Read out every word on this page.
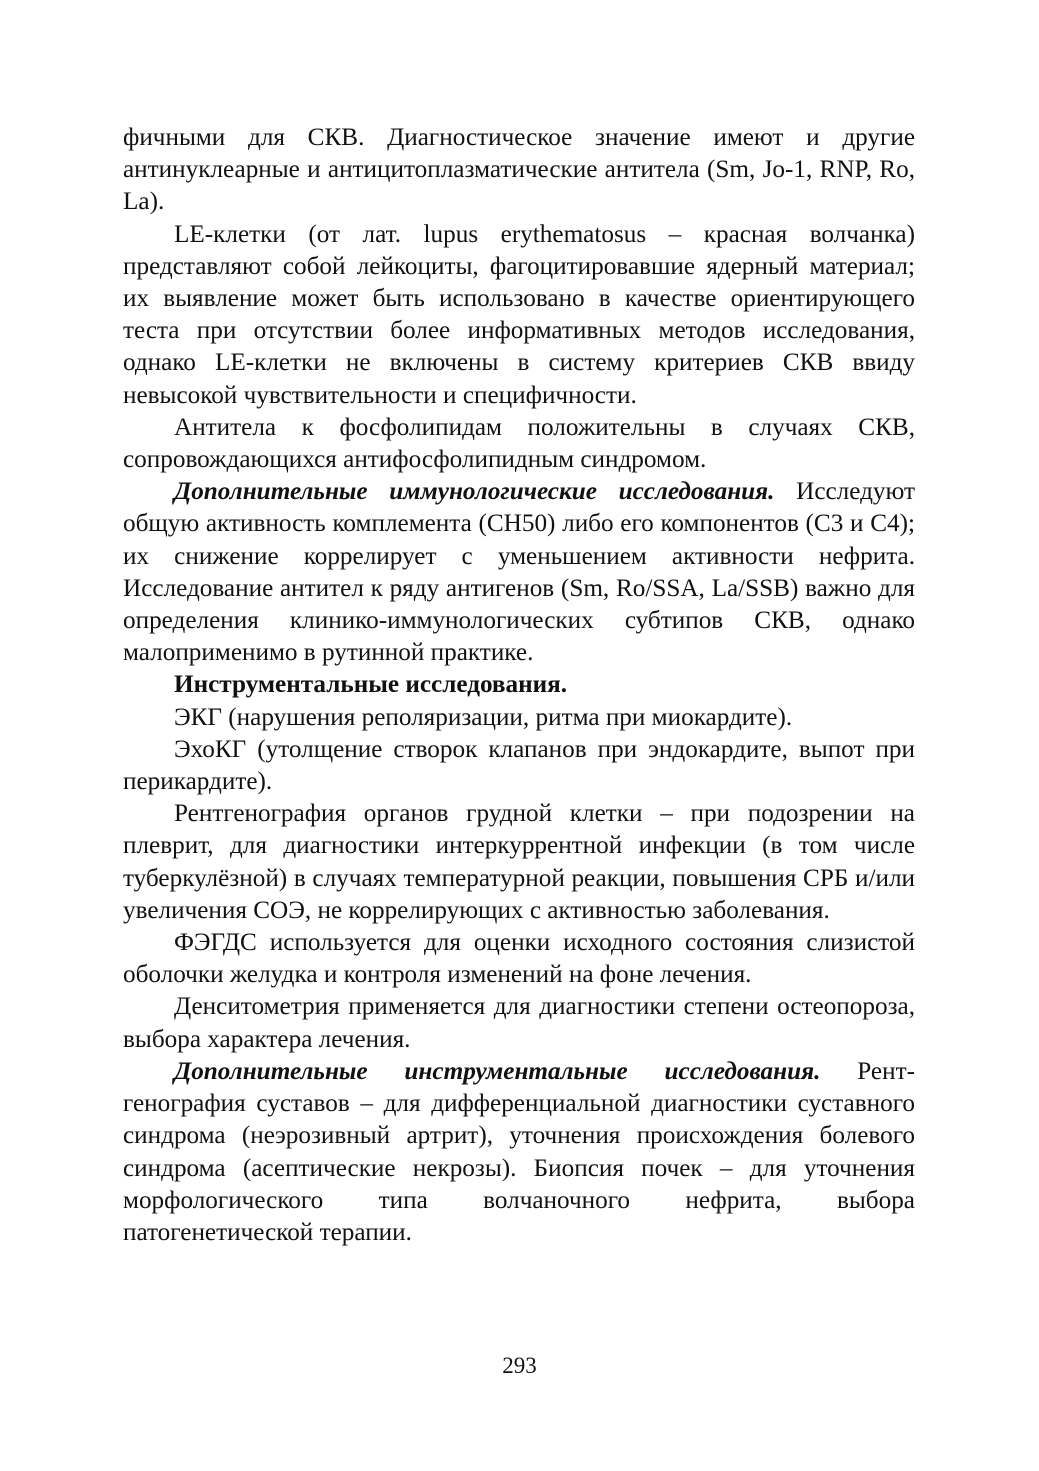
фичными для СКВ. Диагностическое значение имеют и другие антинуклеарные и антицитоплазматические антитела (Sm, Jo-1, RNP, Ro, La).

LE-клетки (от лат. lupus erythematosus – красная волчанка) представляют собой лейкоциты, фагоцитировавшие ядерный материал; их выявление может быть использовано в качестве ориентирующего теста при отсутствии более информативных методов исследования, однако LE-клетки не включены в систему критериев СКВ ввиду невысокой чувствительности и специфичности.

Антитела к фосфолипидам положительны в случаях СКВ, сопровождающихся антифосфолипидным синдромом.

Дополнительные иммунологические исследования. Исследуют общую активность комплемента (СН50) либо его компонентов (С3 и С4); их снижение коррелирует с уменьшением активности нефрита. Исследование антител к ряду антигенов (Sm, Ro/SSA, La/SSB) важно для определения клинико-иммунологических субтипов СКВ, однако малоприменимо в рутинной практике.

Инструментальные исследования.

ЭКГ (нарушения реполяризации, ритма при миокардите).

ЭхоКГ (утолщение створок клапанов при эндокардите, выпот при перикардите).

Рентгенография органов грудной клетки – при подозрении на плеврит, для диагностики интеркуррентной инфекции (в том числе туберкулёзной) в случаях температурной реакции, повышения СРБ и/или увеличения СОЭ, не коррелирующих с активностью заболевания.

ФЭГДС используется для оценки исходного состояния слизистой оболочки желудка и контроля изменений на фоне лечения.

Денситометрия применяется для диагностики степени остеопороза, выбора характера лечения.

Дополнительные инструментальные исследования. Рентгенография суставов – для дифференциальной диагностики суставного синдрома (неэрозивный артрит), уточнения происхождения болевого синдрома (асептические некрозы). Биопсия почек – для уточнения морфологического типа волчаночного нефрита, выбора патогенетической терапии.

293
